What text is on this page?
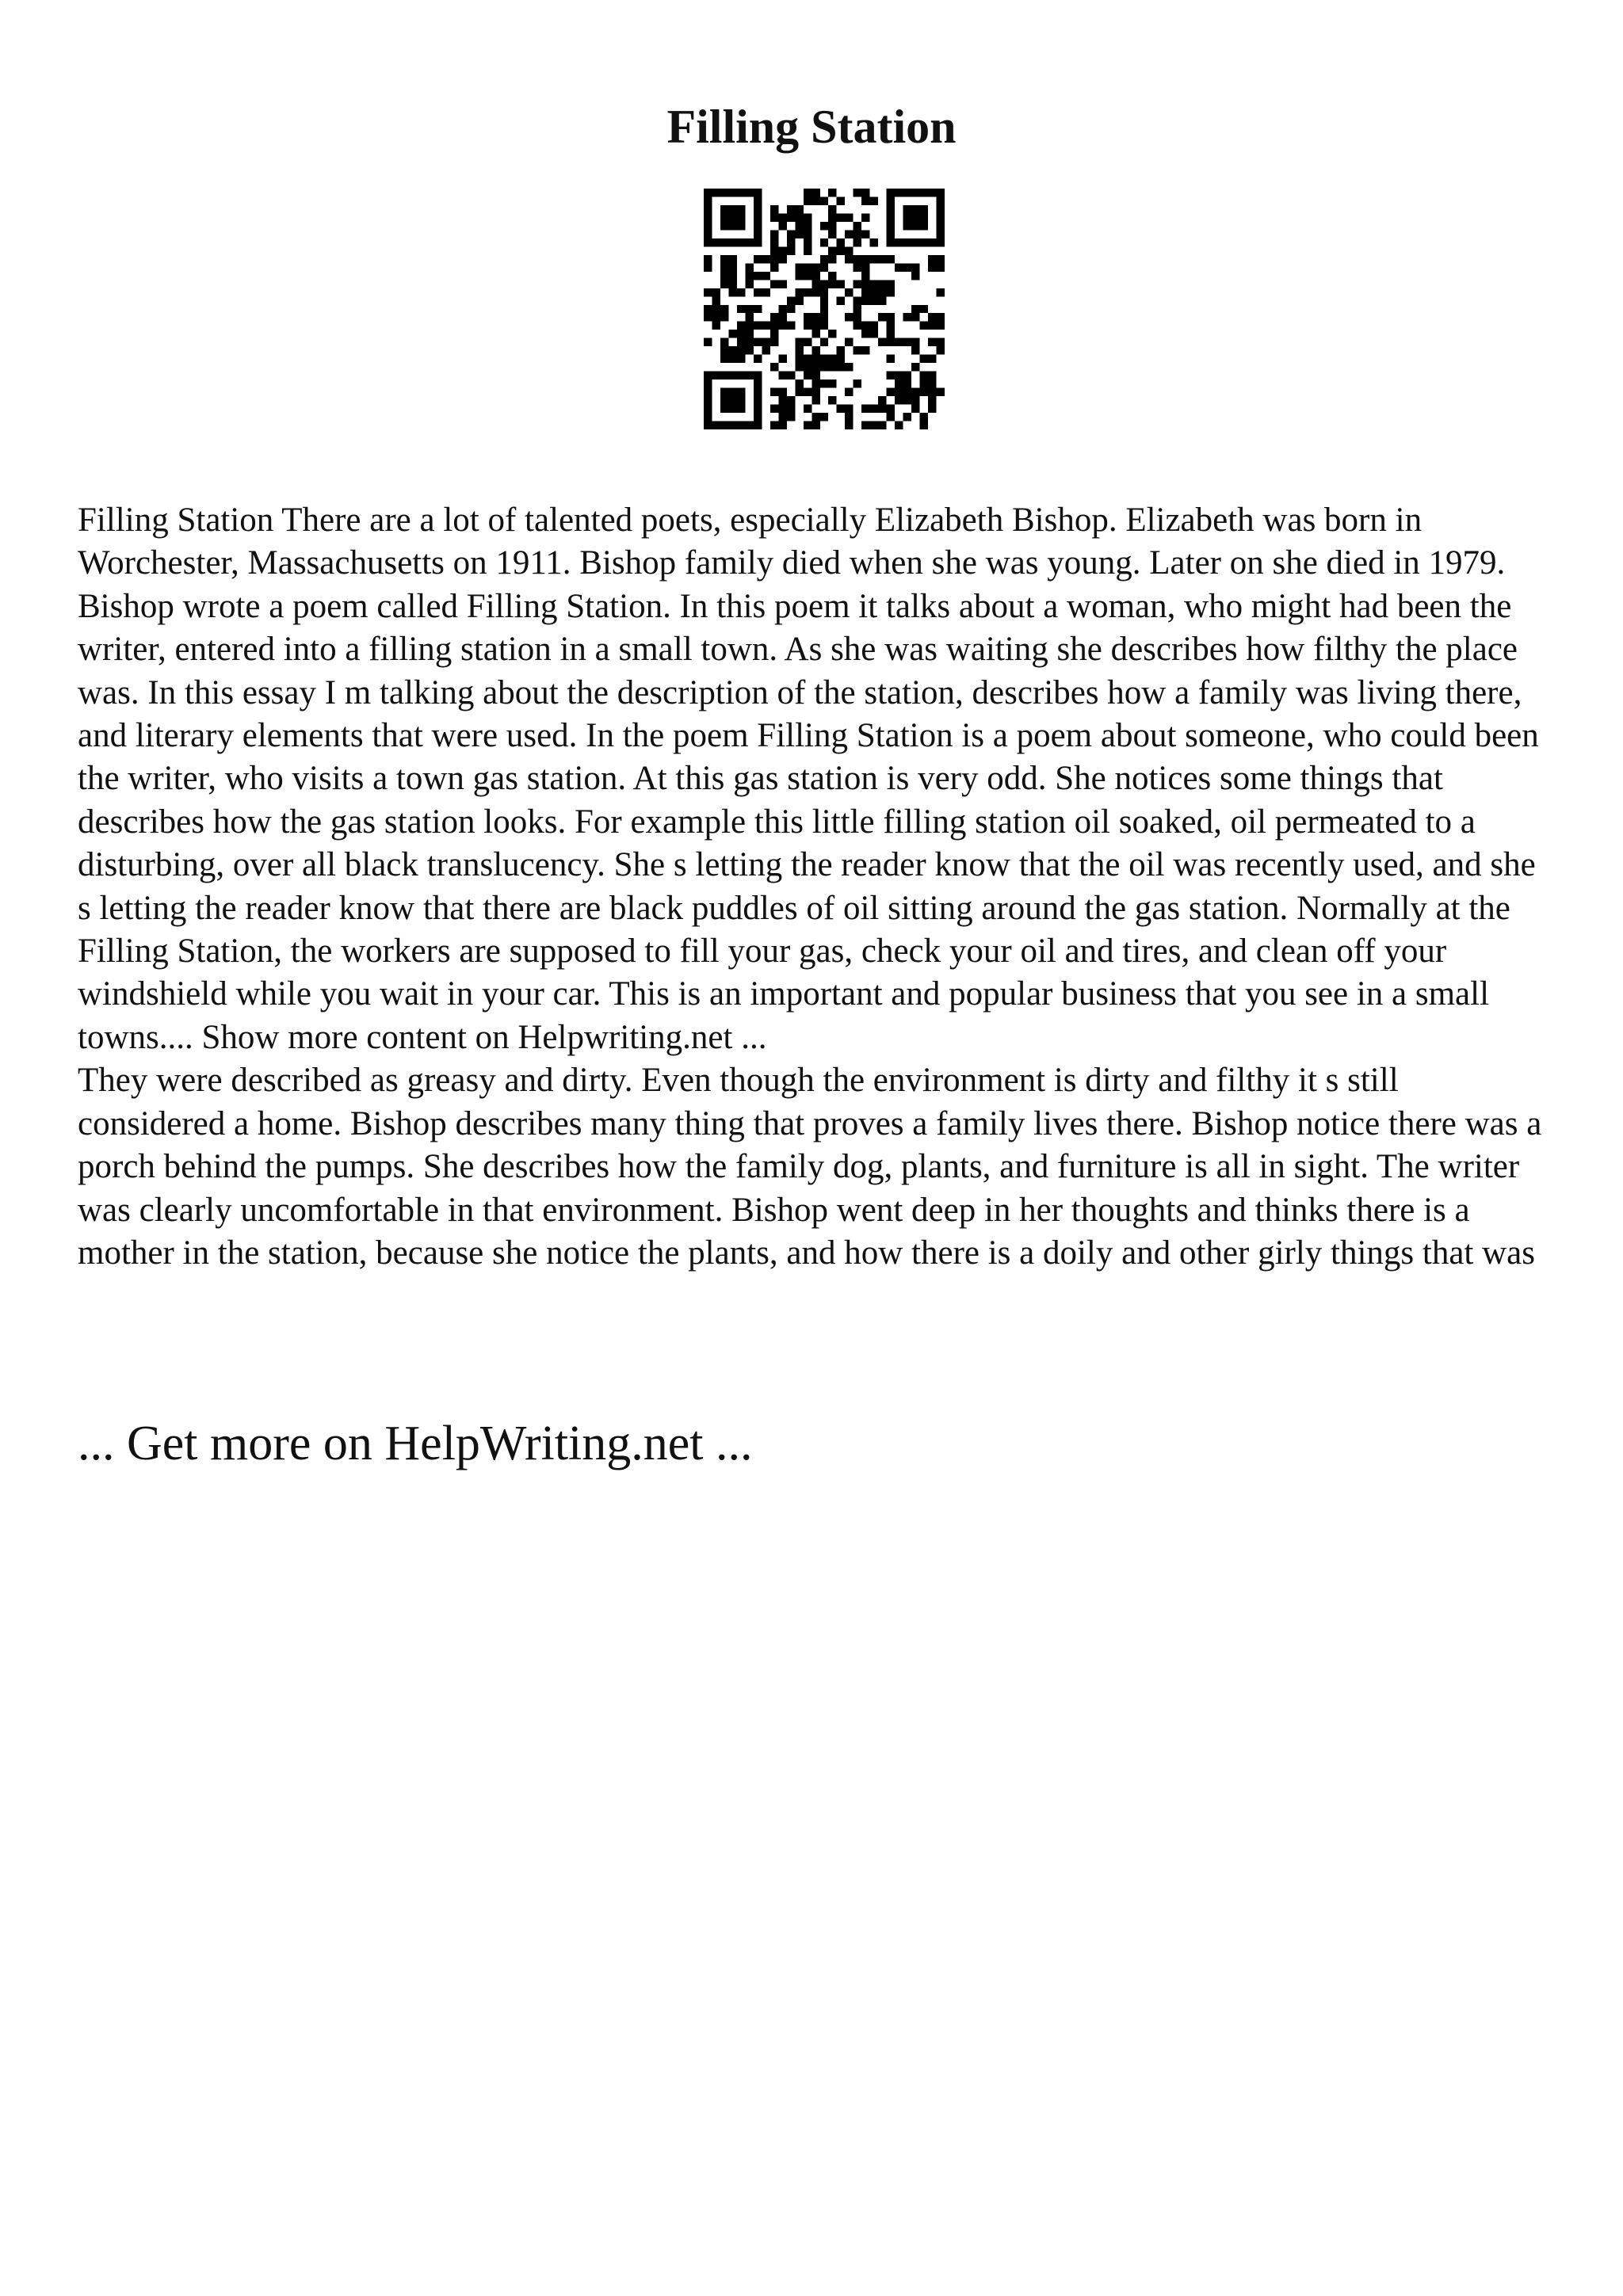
Filling Station

Filling Station There are a lot of talented poets, especially Elizabeth Bishop. Elizabeth was born in Worchester, Massachusetts on 1911. Bishop family died when she was young. Later on she died in 1979. Bishop wrote a poem called Filling Station. In this poem it talks about a woman, who might had been the writer, entered into a filling station in a small town. As she was waiting she describes how filthy the place was. In this essay I m talking about the description of the station, describes how a family was living there, and literary elements that were used. In the poem Filling Station is a poem about someone, who could been the writer, who visits a town gas station. At this gas station is very odd. She notices some things that describes how the gas station looks. For example this little filling station oil soaked, oil permeated to a disturbing, over all black translucency. She s letting the reader know that the oil was recently used, and she s letting the reader know that there are black puddles of oil sitting around the gas station. Normally at the Filling Station, the workers are supposed to fill your gas, check your oil and tires, and clean off your windshield while you wait in your car. This is an important and popular business that you see in a small towns.... Show more content on Helpwriting.net ...

They were described as greasy and dirty. Even though the environment is dirty and filthy it s still considered a home. Bishop describes many thing that proves a family lives there. Bishop notice there was a porch behind the pumps. She describes how the family dog, plants, and furniture is all in sight. The writer was clearly uncomfortable in that environment. Bishop went deep in her thoughts and thinks there is a mother in the station, because she notice the plants, and how there is a doily and other girly things that was

... Get more on HelpWriting.net ...
